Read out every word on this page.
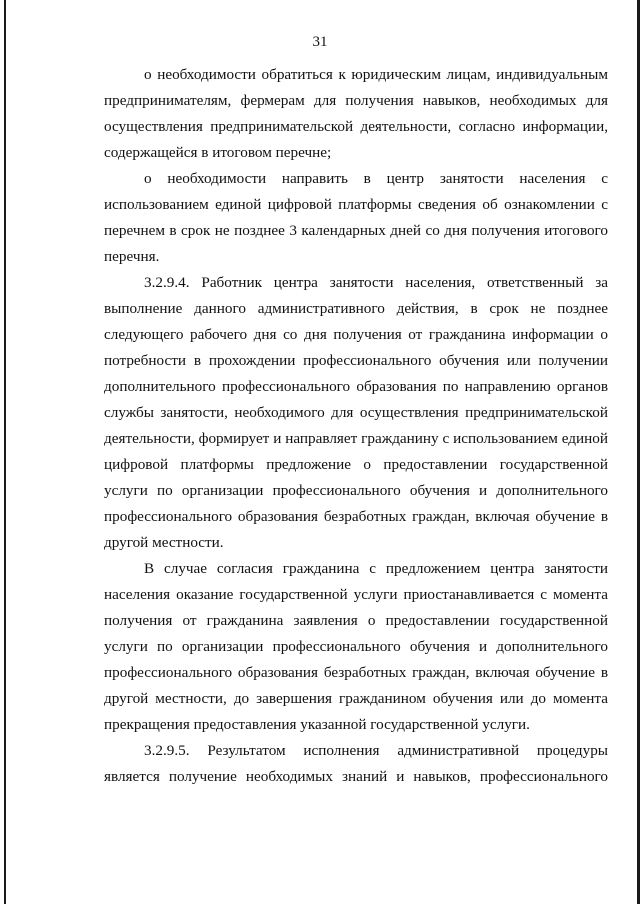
31
о необходимости обратиться к юридическим лицам, индивидуальным
предпринимателям, фермерам для получения навыков, необходимых для
осуществления предпринимательской деятельности, согласно информации,
содержащейся в итоговом перечне;
о необходимости направить в центр занятости населения с
использованием единой цифровой платформы сведения об ознакомлении с
перечнем в срок не позднее 3 календарных дней со дня получения итогового
перечня.
3.2.9.4. Работник центра занятости населения, ответственный за
выполнение данного административного действия, в срок не позднее
следующего рабочего дня со дня получения от гражданина информации о
потребности в прохождении профессионального обучения или получении
дополнительного профессионального образования по направлению органов
службы занятости, необходимого для осуществления предпринимательской
деятельности, формирует и направляет гражданину с использованием единой
цифровой платформы предложение о предоставлении государственной
услуги по организации профессионального обучения и дополнительного
профессионального образования безработных граждан, включая обучение в
другой местности.
В случае согласия гражданина с предложением центра занятости
населения оказание государственной услуги приостанавливается с момента
получения от гражданина заявления о предоставлении государственной
услуги по организации профессионального обучения и дополнительного
профессионального образования безработных граждан, включая обучение в
другой местности, до завершения гражданином обучения или до момента
прекращения предоставления указанной государственной услуги.
3.2.9.5. Результатом исполнения административной процедуры
является получение необходимых знаний и навыков, профессионального
